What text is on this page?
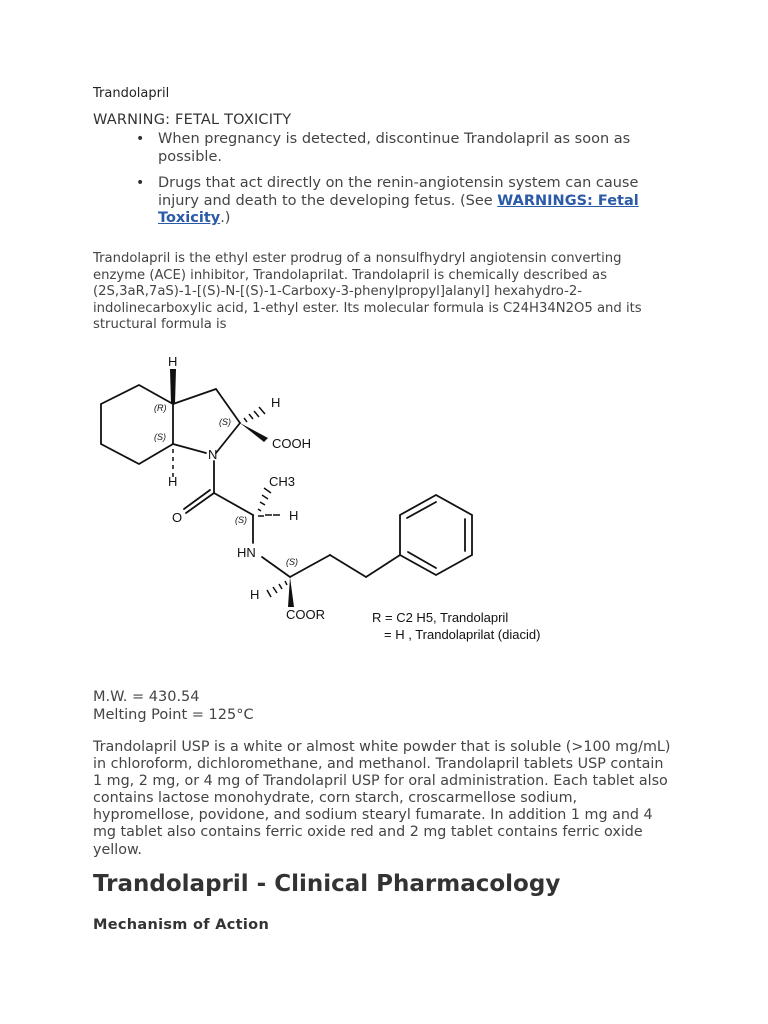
Trandolapril
WARNING: FETAL TOXICITY
• When pregnancy is detected, discontinue Trandolapril as soon as possible.
• Drugs that act directly on the renin-angiotensin system can cause injury and death to the developing fetus. (See WARNINGS: Fetal Toxicity.)

Trandolapril is the ethyl ester prodrug of a nonsulfhydryl angiotensin converting enzyme (ACE) inhibitor, Trandolaprilat. Trandolapril is chemically described as (2S,3aR,7aS)-1-[(S)-N-[(S)-1-Carboxy-3-phenylpropyl]alanyl] hexahydro-2-indolinecarboxylic acid, 1-ethyl ester. Its molecular formula is C24H34N2O5 and its structural formula is

H
(R)
(S)
(S)
H
COOH
N
H	CH3
O	(S)	H
HN
(S)
H
COOR	R = C2 H5, Trandolapril
= H , Trandolaprilat (diacid)

M.W. = 430.54
Melting Point = 125°C

Trandolapril USP is a white or almost white powder that is soluble (>100 mg/mL) in chloroform, dichloromethane, and methanol. Trandolapril tablets USP contain 1 mg, 2 mg, or 4 mg of Trandolapril USP for oral administration. Each tablet also contains lactose monohydrate, corn starch, croscarmellose sodium, hypromellose, povidone, and sodium stearyl fumarate. In addition 1 mg and 4 mg tablet also contains ferric oxide red and 2 mg tablet contains ferric oxide yellow.

Trandolapril - Clinical Pharmacology
Mechanism of Action
